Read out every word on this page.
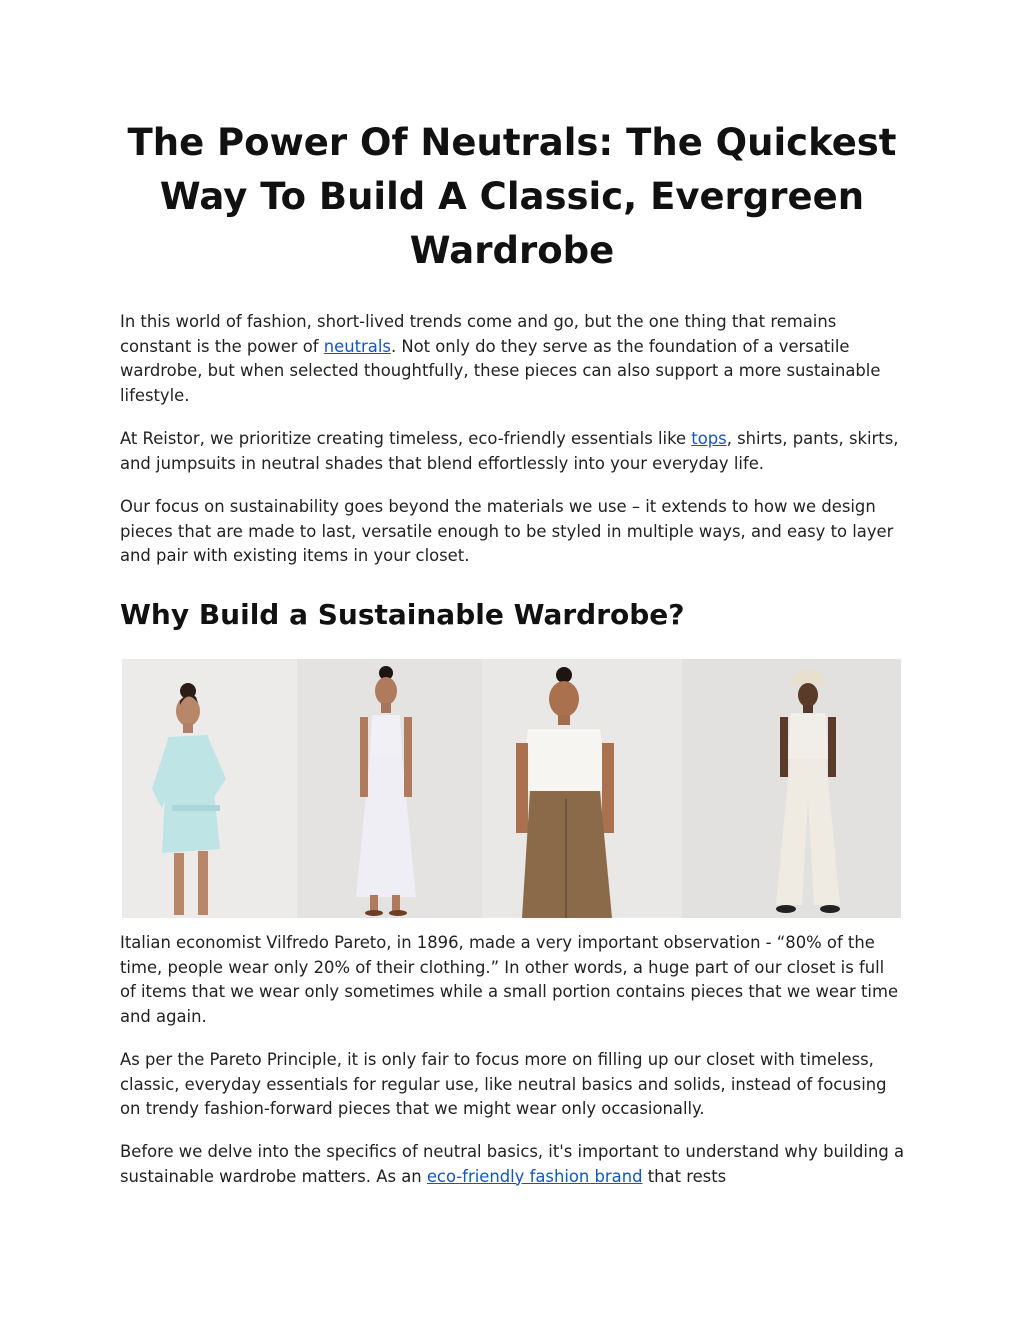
The Power Of Neutrals: The Quickest Way To Build A Classic, Evergreen Wardrobe

In this world of fashion, short-lived trends come and go, but the one thing that remains constant is the power of neutrals. Not only do they serve as the foundation of a versatile wardrobe, but when selected thoughtfully, these pieces can also support a more sustainable lifestyle.

At Reistor, we prioritize creating timeless, eco-friendly essentials like tops, shirts, pants, skirts, and jumpsuits in neutral shades that blend effortlessly into your everyday life.

Our focus on sustainability goes beyond the materials we use – it extends to how we design pieces that are made to last, versatile enough to be styled in multiple ways, and easy to layer and pair with existing items in your closet.

Why Build a Sustainable Wardrobe?

Italian economist Vilfredo Pareto, in 1896, made a very important observation - “80% of the time, people wear only 20% of their clothing.” In other words, a huge part of our closet is full of items that we wear only sometimes while a small portion contains pieces that we wear time and again.

As per the Pareto Principle, it is only fair to focus more on filling up our closet with timeless, classic, everyday essentials for regular use, like neutral basics and solids, instead of focusing on trendy fashion-forward pieces that we might wear only occasionally.

Before we delve into the specifics of neutral basics, it's important to understand why building a sustainable wardrobe matters. As an eco-friendly fashion brand that rests
